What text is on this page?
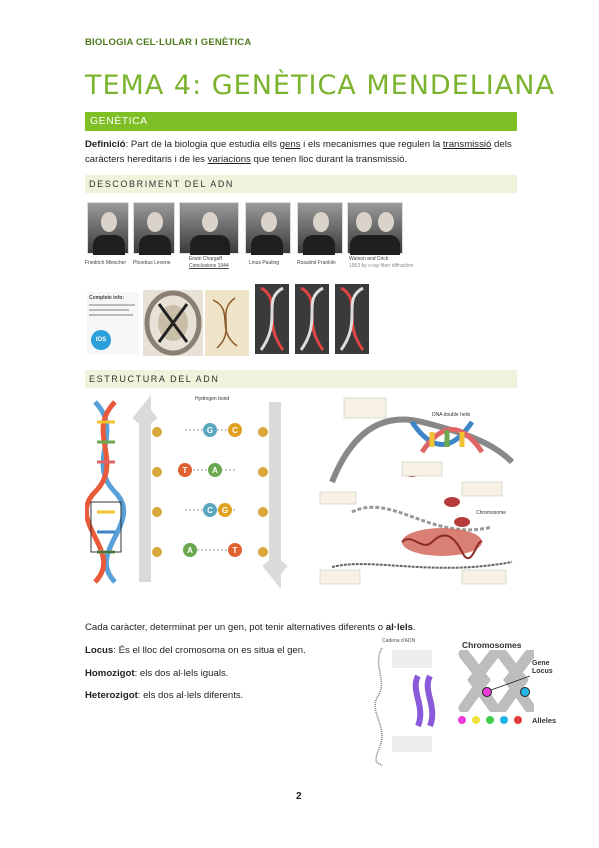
BIOLOGIA CEL·LULAR I GENÈTICA
TEMA 4: GENÈTICA MENDELIANA
GENÈTICA
Definició: Part de la biologia que estudia ells gens i els mecanismes que regulen la transmissió dels caràcters hereditaris i de les variacions que tenen lloc durant la transmissió.
DESCOBRIMENT DEL ADN
Friedrich Miescher Phoebus Levene
Erwin Chargaff
Conclusions 1944	Linus Pauling	Rosalind Franklin
Watson and Crick
1953 by x-ray fiber diffraction
Complete info:
IOS
ESTRUCTURA DEL ADN
G C
T	A
C G
A	T
Hydrogen bond
DNA double helix
Chromosome
Cada caràcter, determinat per un gen, pot tenir alternatives diferents o al·lels.
Locus: És el lloc del cromosoma on es situa el gen.
Homozigot: els dos al·lels iguals.
Heterozigot: els dos al·lels diferents.
Cadena d'ADN	Chromosomes
Gene
Locus
Alleles
2
